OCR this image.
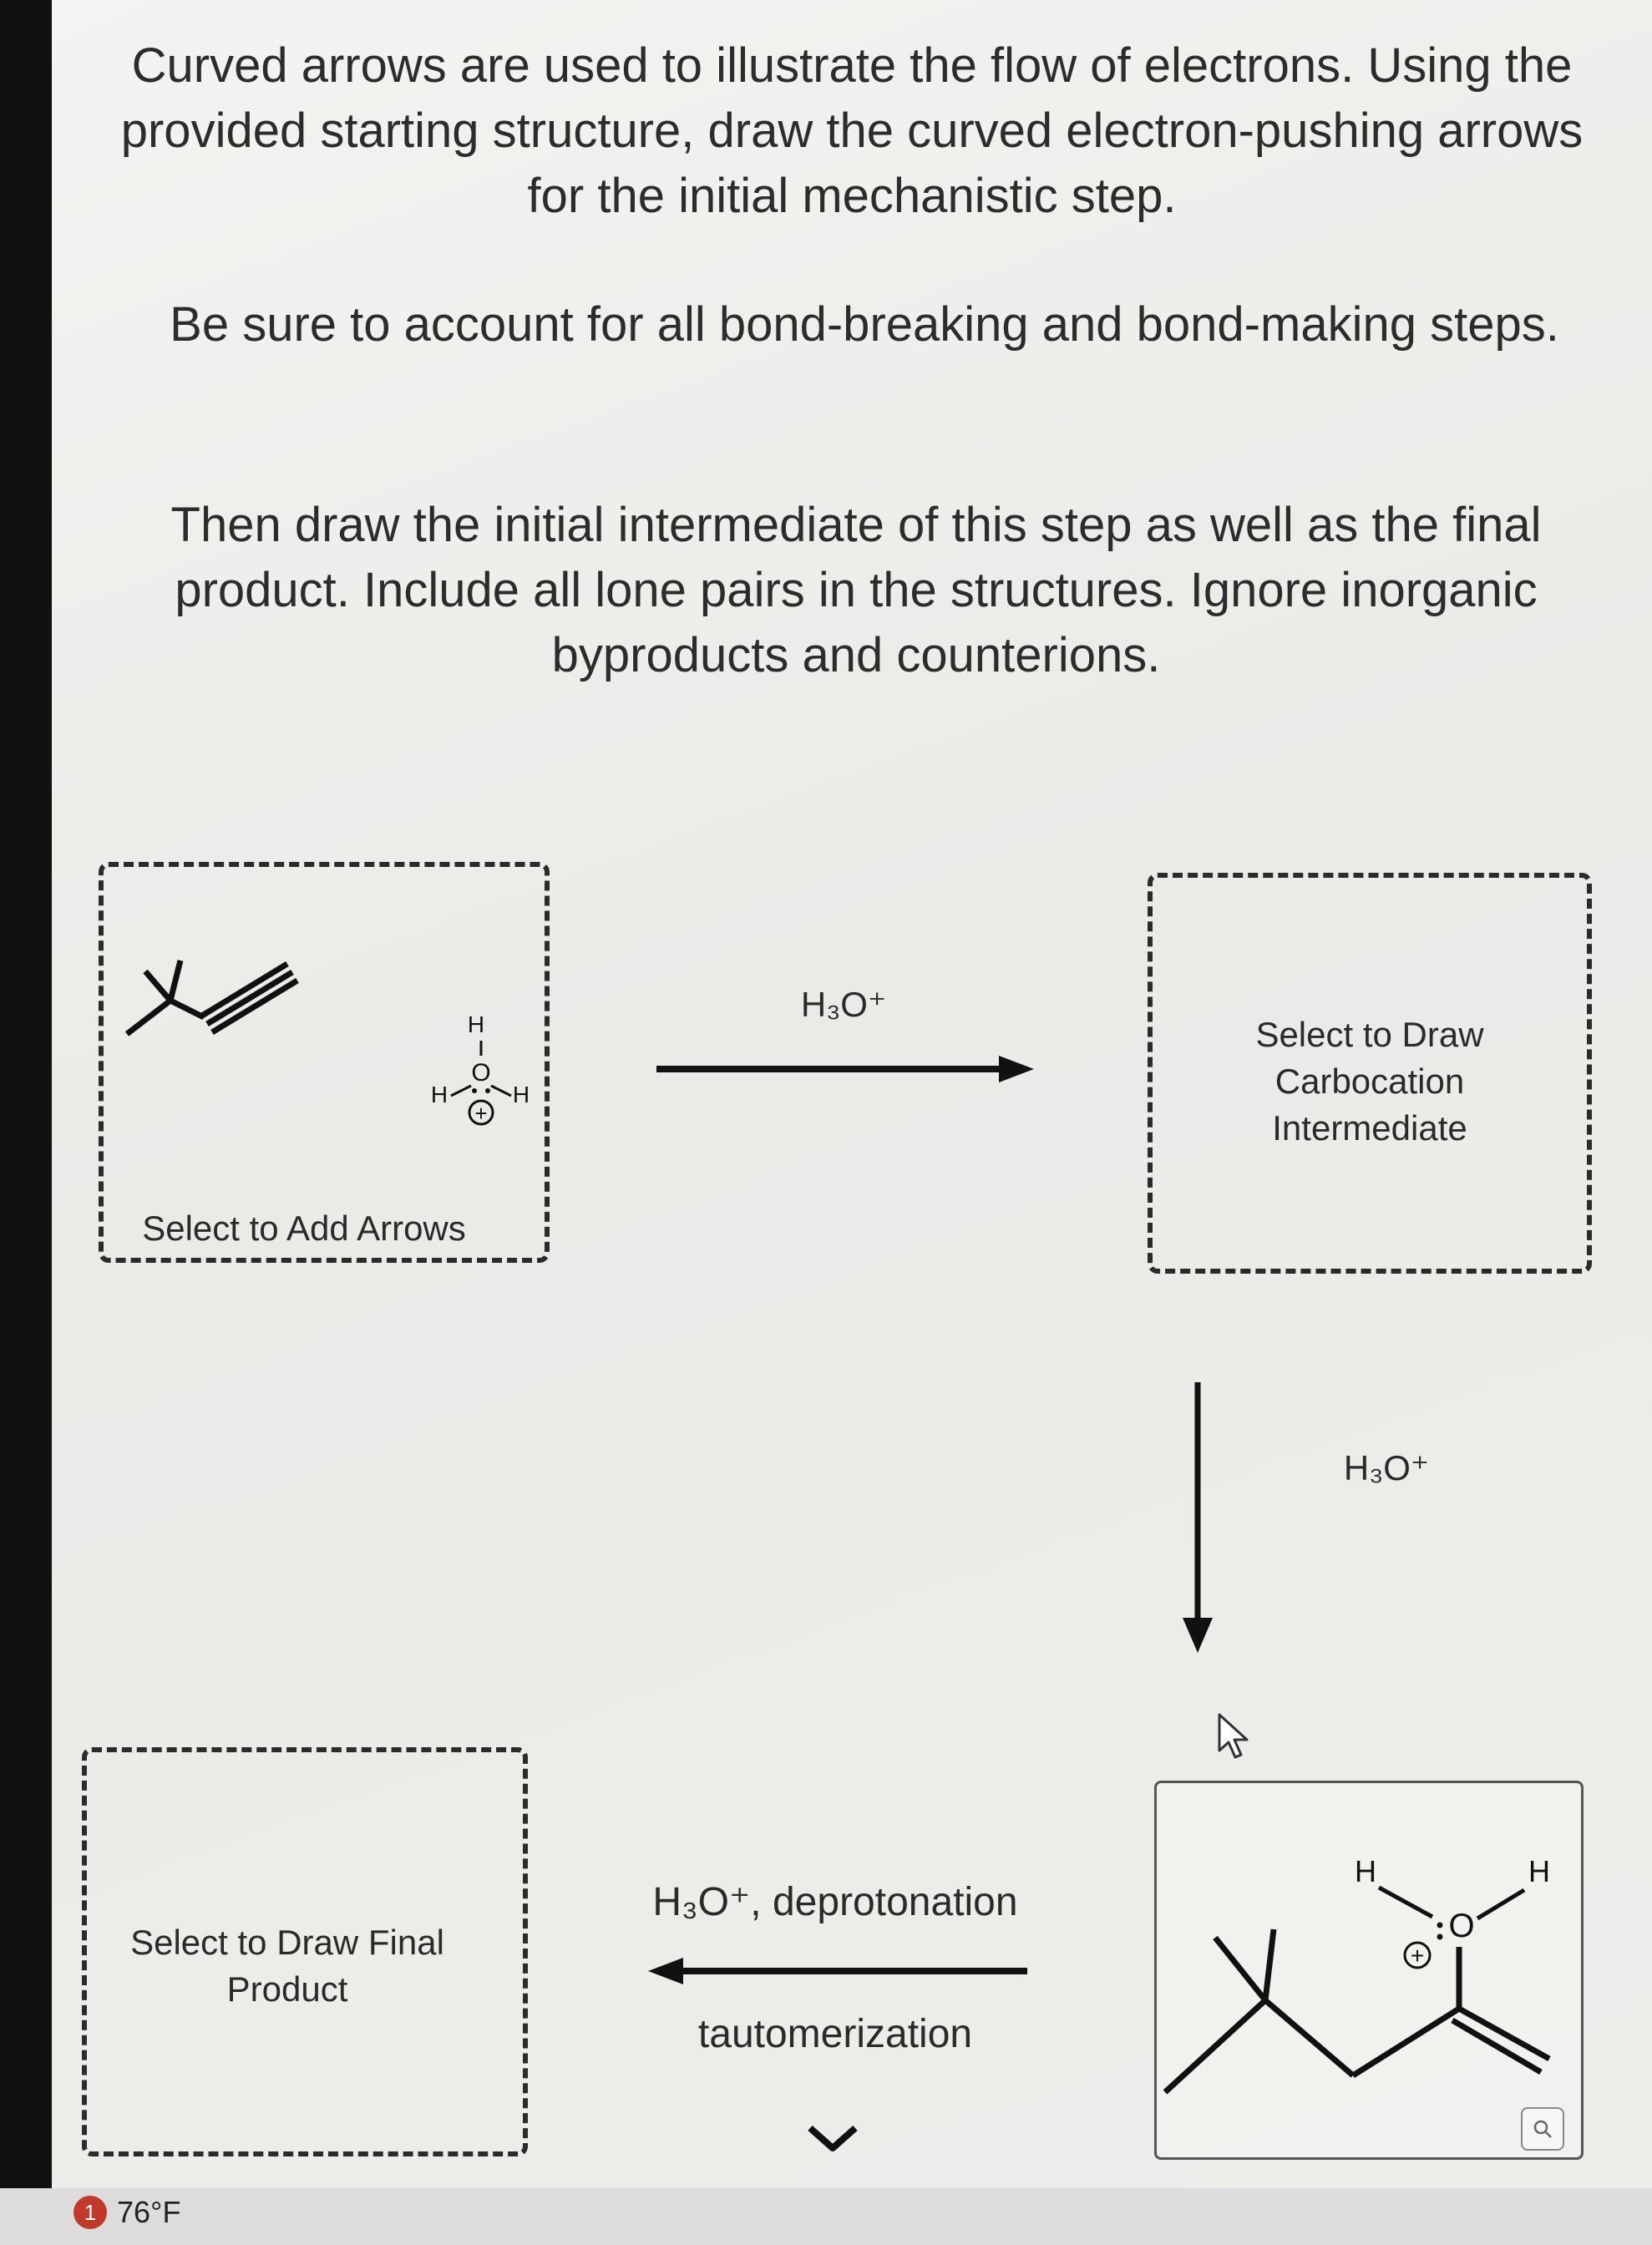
Curved arrows are used to illustrate the flow of electrons. Using the provided starting structure, draw the curved electron-pushing arrows for the initial mechanistic step.
Be sure to account for all bond-breaking and bond-making steps.
Then draw the initial intermediate of this step as well as the final product. Include all lone pairs in the structures. Ignore inorganic byproducts and counterions.
H
O
H	H
+
Select to Add Arrows
H₃O⁺
Select to Draw Carbocation Intermediate
H₃O⁺
H
O
H
+
H₃O⁺, deprotonation
tautomerization
Select to Draw Final Product
1 76°F
